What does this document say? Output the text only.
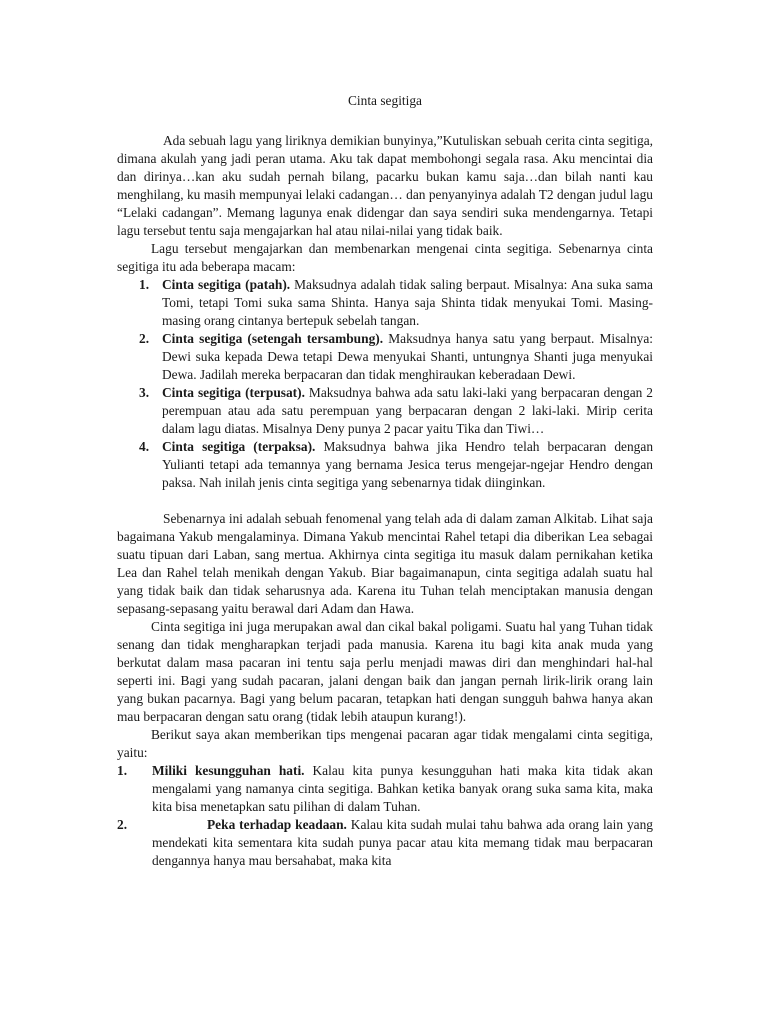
Cinta segitiga

Ada sebuah lagu yang liriknya demikian bunyinya,”Kutuliskan sebuah cerita cinta segitiga, dimana akulah yang jadi peran utama. Aku tak dapat membohongi segala rasa. Aku mencintai dia dan dirinya…kan aku sudah pernah bilang, pacarku bukan kamu saja…dan bilah nanti kau menghilang, ku masih mempunyai lelaki cadangan… dan penyanyinya adalah T2 dengan judul lagu “Lelaki cadangan”. Memang lagunya enak didengar dan saya sendiri suka mendengarnya. Tetapi lagu tersebut tentu saja mengajarkan hal atau nilai-nilai yang tidak baik.

Lagu tersebut mengajarkan dan membenarkan mengenai cinta segitiga. Sebenarnya cinta segitiga itu ada beberapa macam:

1. Cinta segitiga (patah). Maksudnya adalah tidak saling berpaut. Misalnya: Ana suka sama Tomi, tetapi Tomi suka sama Shinta. Hanya saja Shinta tidak menyukai Tomi. Masing-masing orang cintanya bertepuk sebelah tangan.
2. Cinta segitiga (setengah tersambung). Maksudnya hanya satu yang berpaut. Misalnya: Dewi suka kepada Dewa tetapi Dewa menyukai Shanti, untungnya Shanti juga menyukai Dewa. Jadilah mereka berpacaran dan tidak menghiraukan keberadaan Dewi.
3. Cinta segitiga (terpusat). Maksudnya bahwa ada satu laki-laki yang berpacaran dengan 2 perempuan atau ada satu perempuan yang berpacaran dengan 2 laki-laki. Mirip cerita dalam lagu diatas. Misalnya Deny punya 2 pacar yaitu Tika dan Tiwi…
4. Cinta segitiga (terpaksa). Maksudnya bahwa jika Hendro telah berpacaran dengan Yulianti tetapi ada temannya yang bernama Jesica terus mengejar-ngejar Hendro dengan paksa. Nah inilah jenis cinta segitiga yang sebenarnya tidak diinginkan.

Sebenarnya ini adalah sebuah fenomenal yang telah ada di dalam zaman Alkitab. Lihat saja bagaimana Yakub mengalaminya. Dimana Yakub mencintai Rahel tetapi dia diberikan Lea sebagai suatu tipuan dari Laban, sang mertua. Akhirnya cinta segitiga itu masuk dalam pernikahan ketika Lea dan Rahel telah menikah dengan Yakub. Biar bagaimanapun, cinta segitiga adalah suatu hal yang tidak baik dan tidak seharusnya ada. Karena itu Tuhan telah menciptakan manusia dengan sepasang-sepasang yaitu berawal dari Adam dan Hawa.

Cinta segitiga ini juga merupakan awal dan cikal bakal poligami. Suatu hal yang Tuhan tidak senang dan tidak mengharapkan terjadi pada manusia. Karena itu bagi kita anak muda yang berkutat dalam masa pacaran ini tentu saja perlu menjadi mawas diri dan menghindari hal-hal seperti ini. Bagi yang sudah pacaran, jalani dengan baik dan jangan pernah lirik-lirik orang lain yang bukan pacarnya. Bagi yang belum pacaran, tetapkan hati dengan sungguh bahwa hanya akan mau berpacaran dengan satu orang (tidak lebih ataupun kurang!).

Berikut saya akan memberikan tips mengenai pacaran agar tidak mengalami cinta segitiga, yaitu:

1. Miliki kesungguhan hati. Kalau kita punya kesungguhan hati maka kita tidak akan mengalami yang namanya cinta segitiga. Bahkan ketika banyak orang suka sama kita, maka kita bisa menetapkan satu pilihan di dalam Tuhan.
2.	Peka terhadap keadaan. Kalau kita sudah mulai tahu bahwa ada orang lain yang mendekati kita sementara kita sudah punya pacar atau kita memang tidak mau berpacaran dengannya hanya mau bersahabat, maka kita
